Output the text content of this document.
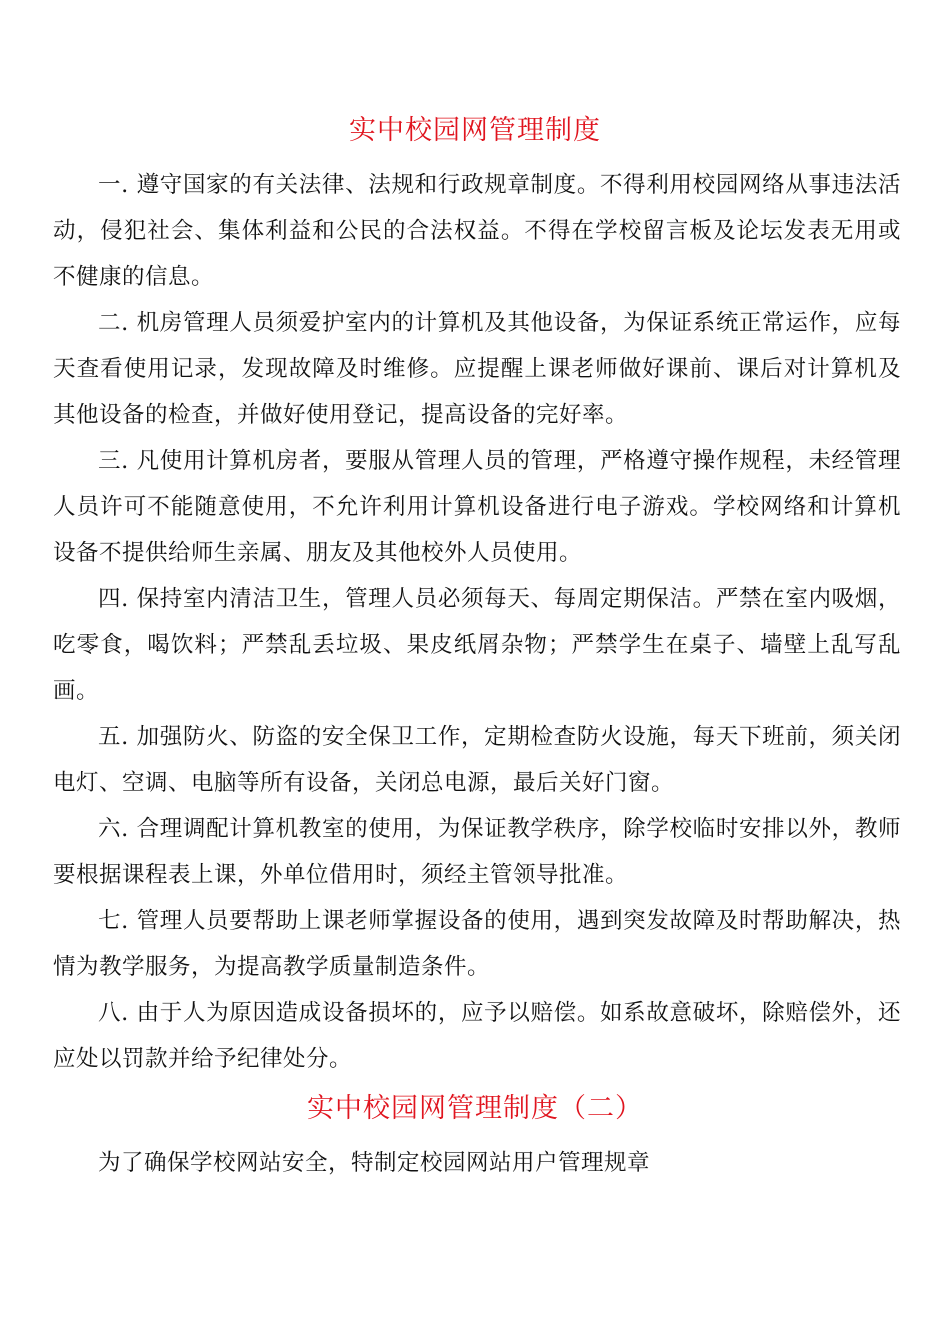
实中校园网管理制度

一. 遵守国家的有关法律、法规和行政规章制度。不得利用校园网络从事违法活动，侵犯社会、集体利益和公民的合法权益。不得在学校留言板及论坛发表无用或不健康的信息。

二. 机房管理人员须爱护室内的计算机及其他设备，为保证系统正常运作，应每天查看使用记录，发现故障及时维修。应提醒上课老师做好课前、课后对计算机及其他设备的检查，并做好使用登记，提高设备的完好率。

三. 凡使用计算机房者，要服从管理人员的管理，严格遵守操作规程，未经管理人员许可不能随意使用，不允许利用计算机设备进行电子游戏。学校网络和计算机设备不提供给师生亲属、朋友及其他校外人员使用。

四. 保持室内清洁卫生，管理人员必须每天、每周定期保洁。严禁在室内吸烟，吃零食，喝饮料；严禁乱丢垃圾、果皮纸屑杂物；严禁学生在桌子、墙壁上乱写乱画。

五. 加强防火、防盗的安全保卫工作，定期检查防火设施，每天下班前，须关闭电灯、空调、电脑等所有设备，关闭总电源，最后关好门窗。

六. 合理调配计算机教室的使用，为保证教学秩序，除学校临时安排以外，教师要根据课程表上课，外单位借用时，须经主管领导批准。

七. 管理人员要帮助上课老师掌握设备的使用，遇到突发故障及时帮助解决，热情为教学服务，为提高教学质量制造条件。

八. 由于人为原因造成设备损坏的，应予以赔偿。如系故意破坏，除赔偿外，还应处以罚款并给予纪律处分。

实中校园网管理制度（二）

为了确保学校网站安全，特制定校园网站用户管理规章
